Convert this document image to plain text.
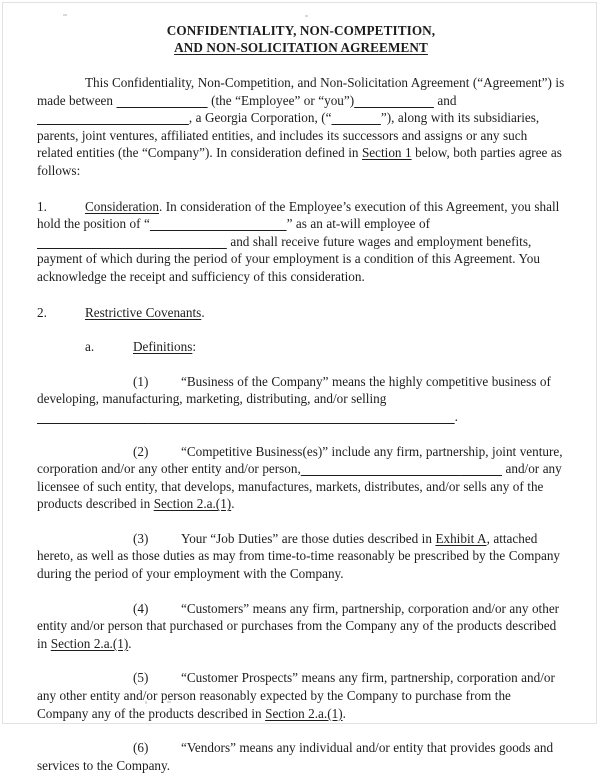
CONFIDENTIALITY, NON-COMPETITION,
AND NON-SOLICITATION AGREEMENT

This Confidentiality, Non-Competition, and Non-Solicitation Agreement (“Agreement”) is made between	(the “Employee” or “you”)	and                                        , a Georgia Corporation, (“	”), along with its subsidiaries, parents, joint ventures, affiliated entities, and includes its successors and assigns or any such related entities (the “Company”). In consideration defined in Section 1 below, both parties agree as follows:

1.	Consideration. In consideration of the Employee’s execution of this Agreement, you shall hold the position of “	” as an at-will employee of                                                    and shall receive future wages and employment benefits, payment of which during the period of your employment is a condition of this Agreement. You acknowledge the receipt and sufficiency of this consideration.

2.	Restrictive Covenants.

a.	Definitions:

(1) “Business of the Company” means the highly competitive business of developing, manufacturing, marketing, distributing, and/or selling                                                                                                               .

(2) “Competitive Business(es)” include any firm, partnership, joint venture, corporation and/or any other entity and/or person,	and/or any licensee of such entity, that develops, manufactures, markets, distributes, and/or sells any of the products described in Section 2.a.(1).

(3) Your “Job Duties” are those duties described in Exhibit A, attached hereto, as well as those duties as may from time-to-time reasonably be prescribed by the Company during the period of your employment with the Company.

(4) “Customers” means any firm, partnership, corporation and/or any other entity and/or person that purchased or purchases from the Company any of the products described in Section 2.a.(1).

(5) “Customer Prospects” means any firm, partnership, corporation and/or any other entity and/or person reasonably expected by the Company to purchase from the Company any of the products described in Section 2.a.(1).

(6) “Vendors” means any individual and/or entity that provides goods and services to the Company.
